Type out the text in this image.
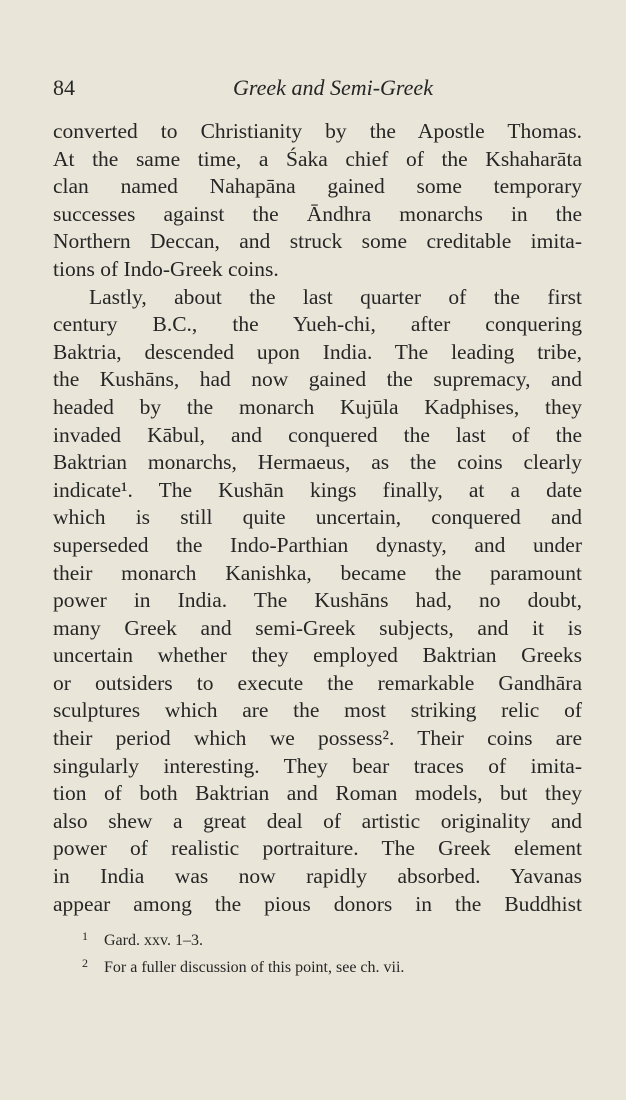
84	Greek and Semi-Greek
converted to Christianity by the Apostle Thomas.
At the same time, a Śaka chief of the Kshaharāta
clan named Nahapāna gained some temporary
successes against the Āndhra monarchs in the
Northern Deccan, and struck some creditable imita-
tions of Indo-Greek coins.
Lastly, about the last quarter of the first
century B.C., the Yueh-chi, after conquering
Baktria, descended upon India. The leading tribe,
the Kushāns, had now gained the supremacy, and
headed by the monarch Kujūla Kadphises, they
invaded Kābul, and conquered the last of the
Baktrian monarchs, Hermaeus, as the coins clearly
indicate¹. The Kushān kings finally, at a date
which is still quite uncertain, conquered and
superseded the Indo-Parthian dynasty, and under
their monarch Kanishka, became the paramount
power in India. The Kushāns had, no doubt,
many Greek and semi-Greek subjects, and it is
uncertain whether they employed Baktrian Greeks
or outsiders to execute the remarkable Gandhāra
sculptures which are the most striking relic of
their period which we possess². Their coins are
singularly interesting. They bear traces of imita-
tion of both Baktrian and Roman models, but they
also shew a great deal of artistic originality and
power of realistic portraiture. The Greek element
in India was now rapidly absorbed. Yavanas
appear among the pious donors in the Buddhist
1 Gard. xxv. 1–3.
2 For a fuller discussion of this point, see ch. vii.
